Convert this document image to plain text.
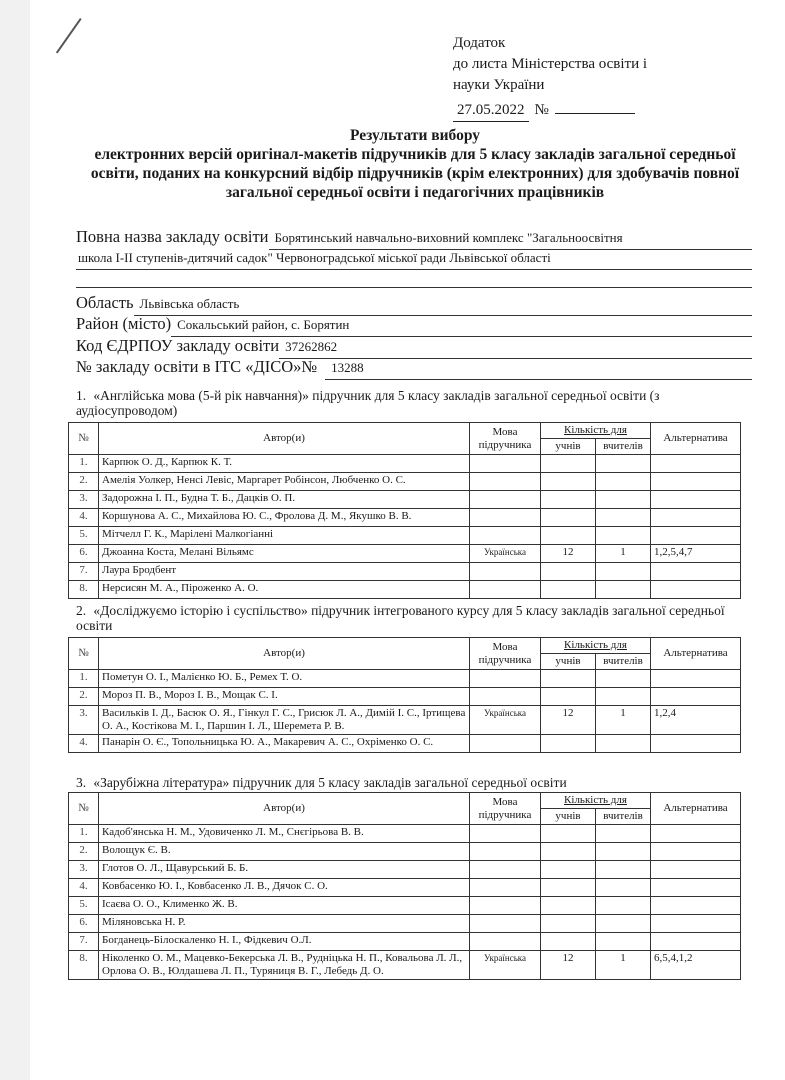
Додаток
до листа Міністерства освіти і
науки України
27.05.2022 №
Результати вибору
електронних версій оригінал-макетів підручників для 5 класу закладів загальної середньої освіти, поданих на конкурсний відбір підручників (крім електронних) для здобувачів повної загальної середньої освіти і педагогічних працівників
Повна назва закладу освіти Борятинський навчально-виховний комплекс "Загальноосвітня
школа І-ІІ ступенів-дитячий садок" Червоноградської міської ради Львівської області
Область Львівська область
Район (місто) Сокальський район, с. Борятин
Код ЄДРПОУ закладу освіти 37262862
№ закладу освіти в ІТС «ДІСО»№	13288
1. «Англійська мова (5-й рік навчання)» підручник для 5 класу закладів загальної середньої освіти (з аудіосупроводом)
№	Автор(и)	Мова підручника	Кількість для		Альтернатива
			учнів	вчителів	
1.	Карпюк О. Д., Карпюк К. Т.				
2.	Амелія Уолкер, Ненсі Левіс, Маргарет Робінсон, Любченко О. С.				
3.	Задорожна І. П., Будна Т. Б., Дацків О. П.				
4.	Коршунова А. С., Михайлова Ю. С., Фролова Д. М., Якушко В. В.				
5.	Мітчелл Г. К., Марілені Малкогіанні				
6.	Джоанна Коста, Мелані Вільямс	Українська	12	1	1,2,5,4,7
7.	Лаура Бродбент				
8.	Нерсисян М. А., Піроженко А. О.				
2. «Досліджуємо історію і суспільство» підручник інтегрованого курсу для 5 класу закладів загальної середньої освіти
№	Автор(и)	Мова підручника	Кількість для		Альтернатива
			учнів	вчителів	
1.	Пометун О. І., Малієнко Ю. Б., Ремех Т. О.				
2.	Мороз П. В., Мороз І. В., Мощак С. І.				
3.	Васильків І. Д., Басюк О. Я., Гінкул Г. С., Грисюк Л. А., Димій І. С., Іртищева О. А., Костікова М. І., Паршин І. Л., Шеремета Р. В.	Українська	12	1	1,2,4
4.	Панарін О. Є., Топольницька Ю. А., Макаревич А. С., Охріменко О. С.				
3. «Зарубіжна література» підручник для 5 класу закладів загальної середньої освіти
№	Автор(и)	Мова підручника	Кількість для		Альтернатива
			учнів	вчителів	
1.	Кадоб'янська Н. М., Удовиченко Л. М., Снєгірьова В. В.				
2.	Волощук Є. В.				
3.	Глотов О. Л., Щавурський Б. Б.				
4.	Ковбасенко Ю. І., Ковбасенко Л. В., Дячок С. О.				
5.	Ісаєва О. О., Клименко Ж. В.				
6.	Міляновська Н. Р.				
7.	Богданець-Білоскаленко Н. І., Фідкевич О.Л.				
8.	Ніколенко О. М., Мацевко-Бекерська Л. В., Рудніцька Н. П., Ковальова Л. Л., Орлова О. В., Юлдашева Л. П., Туряниця В. Г., Лебедь Д. О.	Українська	12	1	6,5,4,1,2
